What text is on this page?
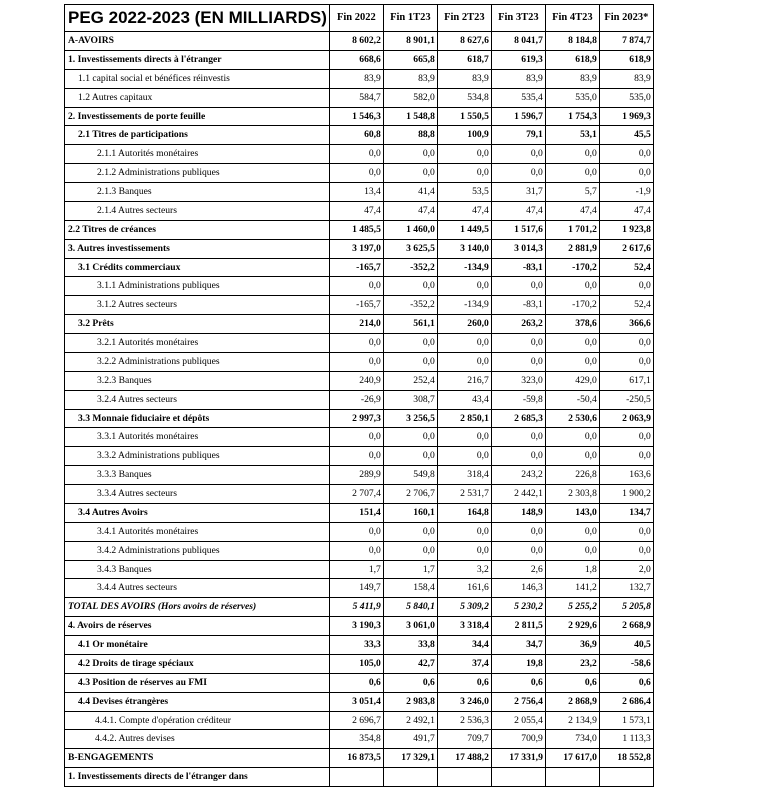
PEG 2022-2023 (EN MILLIARDS)	Fin 2022	Fin 1T23	Fin 2T23	Fin 3T23	Fin 4T23	Fin 2023*
A-AVOIRS	8 602,2	8 901,1	8 627,6	8 041,7	8 184,8	7 874,7
1. Investissements directs à l'étranger	668,6	665,8	618,7	619,3	618,9	618,9
1.1 capital social et bénéfices réinvestis	83,9	83,9	83,9	83,9	83,9	83,9
1.2 Autres capitaux	584,7	582,0	534,8	535,4	535,0	535,0
2. Investissements de porte feuille	1 546,3	1 548,8	1 550,5	1 596,7	1 754,3	1 969,3
2.1 Titres de participations	60,8	88,8	100,9	79,1	53,1	45,5
2.1.1 Autorités monétaires	0,0	0,0	0,0	0,0	0,0	0,0
2.1.2 Administrations publiques	0,0	0,0	0,0	0,0	0,0	0,0
2.1.3 Banques	13,4	41,4	53,5	31,7	5,7	-1,9
2.1.4 Autres secteurs	47,4	47,4	47,4	47,4	47,4	47,4
2.2 Titres de créances	1 485,5	1 460,0	1 449,5	1 517,6	1 701,2	1 923,8
3. Autres investissements	3 197,0	3 625,5	3 140,0	3 014,3	2 881,9	2 617,6
3.1 Crédits commerciaux	-165,7	-352,2	-134,9	-83,1	-170,2	52,4
3.1.1 Administrations publiques	0,0	0,0	0,0	0,0	0,0	0,0
3.1.2 Autres secteurs	-165,7	-352,2	-134,9	-83,1	-170,2	52,4
3.2 Prêts	214,0	561,1	260,0	263,2	378,6	366,6
3.2.1 Autorités monétaires	0,0	0,0	0,0	0,0	0,0	0,0
3.2.2 Administrations publiques	0,0	0,0	0,0	0,0	0,0	0,0
3.2.3 Banques	240,9	252,4	216,7	323,0	429,0	617,1
3.2.4 Autres secteurs	-26,9	308,7	43,4	-59,8	-50,4	-250,5
3.3 Monnaie fiduciaire et dépôts	2 997,3	3 256,5	2 850,1	2 685,3	2 530,6	2 063,9
3.3.1 Autorités monétaires	0,0	0,0	0,0	0,0	0,0	0,0
3.3.2 Administrations publiques	0,0	0,0	0,0	0,0	0,0	0,0
3.3.3 Banques	289,9	549,8	318,4	243,2	226,8	163,6
3.3.4 Autres secteurs	2 707,4	2 706,7	2 531,7	2 442,1	2 303,8	1 900,2
3.4 Autres Avoirs	151,4	160,1	164,8	148,9	143,0	134,7
3.4.1 Autorités monétaires	0,0	0,0	0,0	0,0	0,0	0,0
3.4.2 Administrations publiques	0,0	0,0	0,0	0,0	0,0	0,0
3.4.3 Banques	1,7	1,7	3,2	2,6	1,8	2,0
3.4.4 Autres secteurs	149,7	158,4	161,6	146,3	141,2	132,7
TOTAL DES AVOIRS (Hors avoirs de réserves)	5 411,9	5 840,1	5 309,2	5 230,2	5 255,2	5 205,8
4. Avoirs de réserves	3 190,3	3 061,0	3 318,4	2 811,5	2 929,6	2 668,9
4.1 Or monétaire	33,3	33,8	34,4	34,7	36,9	40,5
4.2 Droits de tirage spéciaux	105,0	42,7	37,4	19,8	23,2	-58,6
4.3 Position de réserves au FMI	0,6	0,6	0,6	0,6	0,6	0,6
4.4 Devises étrangères	3 051,4	2 983,8	3 246,0	2 756,4	2 868,9	2 686,4
4.4.1. Compte d'opération créditeur	2 696,7	2 492,1	2 536,3	2 055,4	2 134,9	1 573,1
4.4.2. Autres devises	354,8	491,7	709,7	700,9	734,0	1 113,3
B-ENGAGEMENTS	16 873,5	17 329,1	17 488,2	17 331,9	17 617,0	18 552,8
1. Investissements directs de l'étranger dans						
